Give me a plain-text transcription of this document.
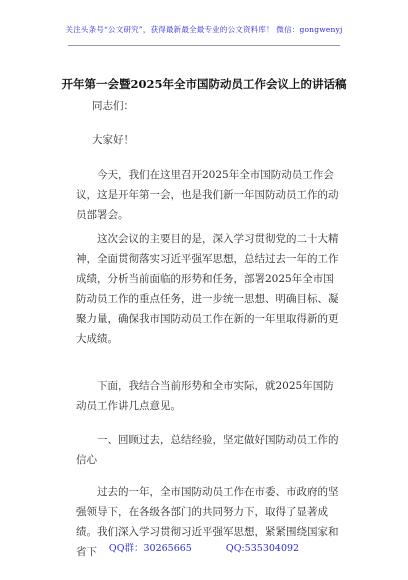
关注头条号“公文研究”，获得最新最全最专业的公文资料库！ 微信：gongwenyj
开年第一会暨2025年全市国防动员工作会议上的讲话稿

同志们：

大家好！

今天，我们在这里召开2025年全市国防动员工作会议，这是开年第一会，也是我们新一年国防动员工作的动员部署会。

这次会议的主要目的是，深入学习贯彻党的二十大精神，全面贯彻落实习近平强军思想，总结过去一年的工作成绩，分析当前面临的形势和任务，部署2025年全市国防动员工作的重点任务，进一步统一思想、明确目标、凝聚力量，确保我市国防动员工作在新的一年里取得新的更大成绩。

下面，我结合当前形势和全市实际，就2025年国防动员工作讲几点意见。

一、回顾过去，总结经验，坚定做好国防动员工作的信心

过去的一年，全市国防动员工作在市委、市政府的坚强领导下，在各级各部门的共同努力下，取得了显著成绩。我们深入学习贯彻习近平强军思想，紧紧围绕国家和省下	QQ群：30265665	QQ:535304092
